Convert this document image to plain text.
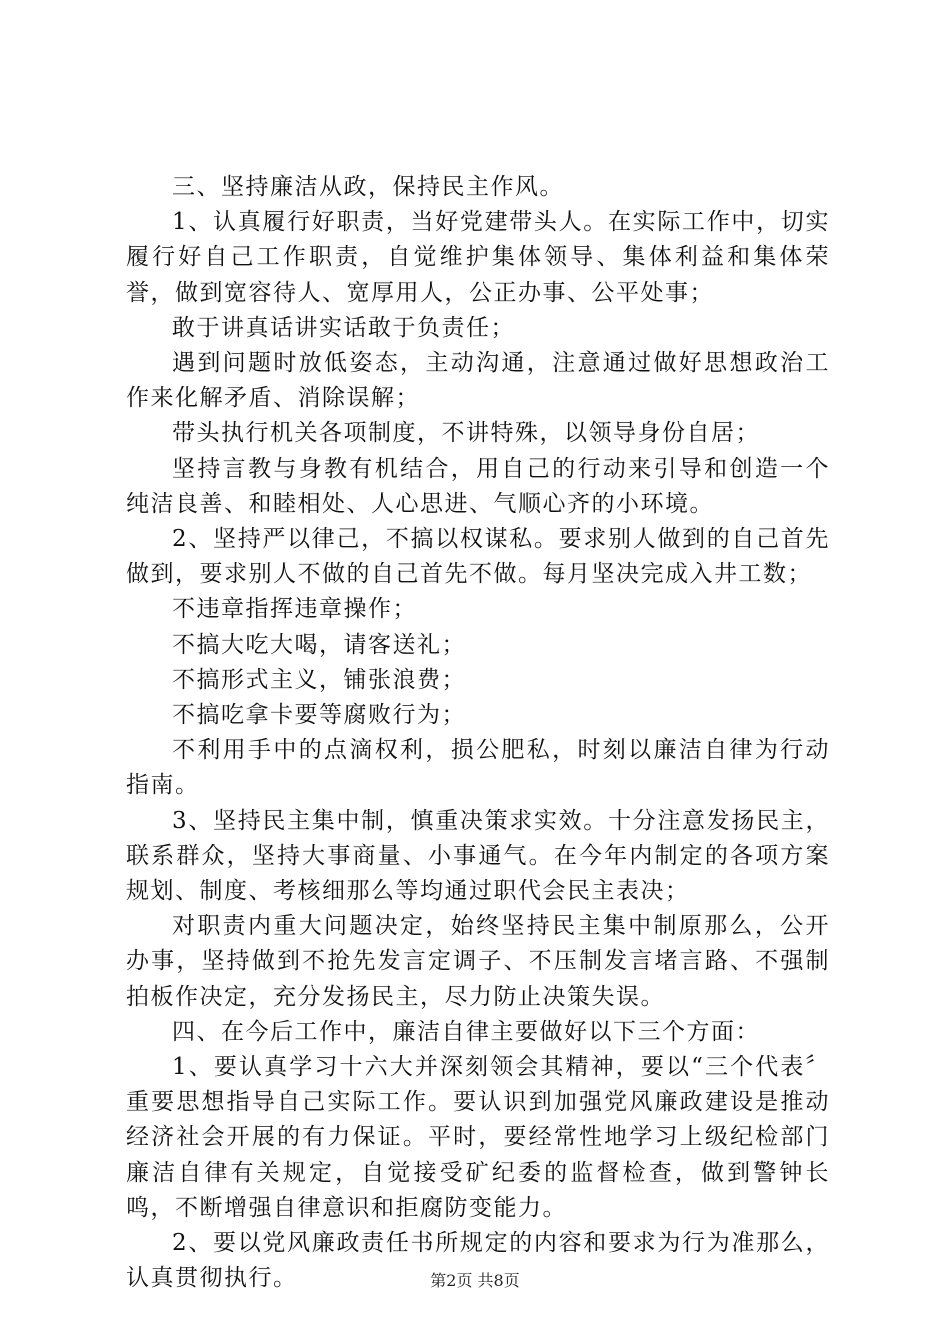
三、坚持廉洁从政，保持民主作风。

1、认真履行好职责，当好党建带头人。在实际工作中，切实履行好自己工作职责，自觉维护集体领导、集体利益和集体荣誉，做到宽容待人、宽厚用人，公正办事、公平处事；

敢于讲真话讲实话敢于负责任；

遇到问题时放低姿态，主动沟通，注意通过做好思想政治工作来化解矛盾、消除误解；

带头执行机关各项制度，不讲特殊，以领导身份自居；

坚持言教与身教有机结合，用自己的行动来引导和创造一个纯洁良善、和睦相处、人心思进、气顺心齐的小环境。

2、坚持严以律己，不搞以权谋私。要求别人做到的自己首先做到，要求别人不做的自己首先不做。每月坚决完成入井工数；

不违章指挥违章操作；

不搞大吃大喝，请客送礼；

不搞形式主义，铺张浪费；

不搞吃拿卡要等腐败行为；

不利用手中的点滴权利，损公肥私，时刻以廉洁自律为行动指南。

3、坚持民主集中制，慎重决策求实效。十分注意发扬民主，联系群众，坚持大事商量、小事通气。在今年内制定的各项方案规划、制度、考核细那么等均通过职代会民主表决；

对职责内重大问题决定，始终坚持民主集中制原那么，公开办事，坚持做到不抢先发言定调子、不压制发言堵言路、不强制拍板作决定，充分发扬民主，尽力防止决策失误。

四、在今后工作中，廉洁自律主要做好以下三个方面：

1、要认真学习十六大并深刻领会其精神，要以“三个代表〞重要思想指导自己实际工作。要认识到加强党风廉政建设是推动经济社会开展的有力保证。平时，要经常性地学习上级纪检部门廉洁自律有关规定，自觉接受矿纪委的监督检查，做到警钟长鸣，不断增强自律意识和拒腐防变能力。

2、要以党风廉政责任书所规定的内容和要求为行为准那么，认真贯彻执行。	第2页 共8页
